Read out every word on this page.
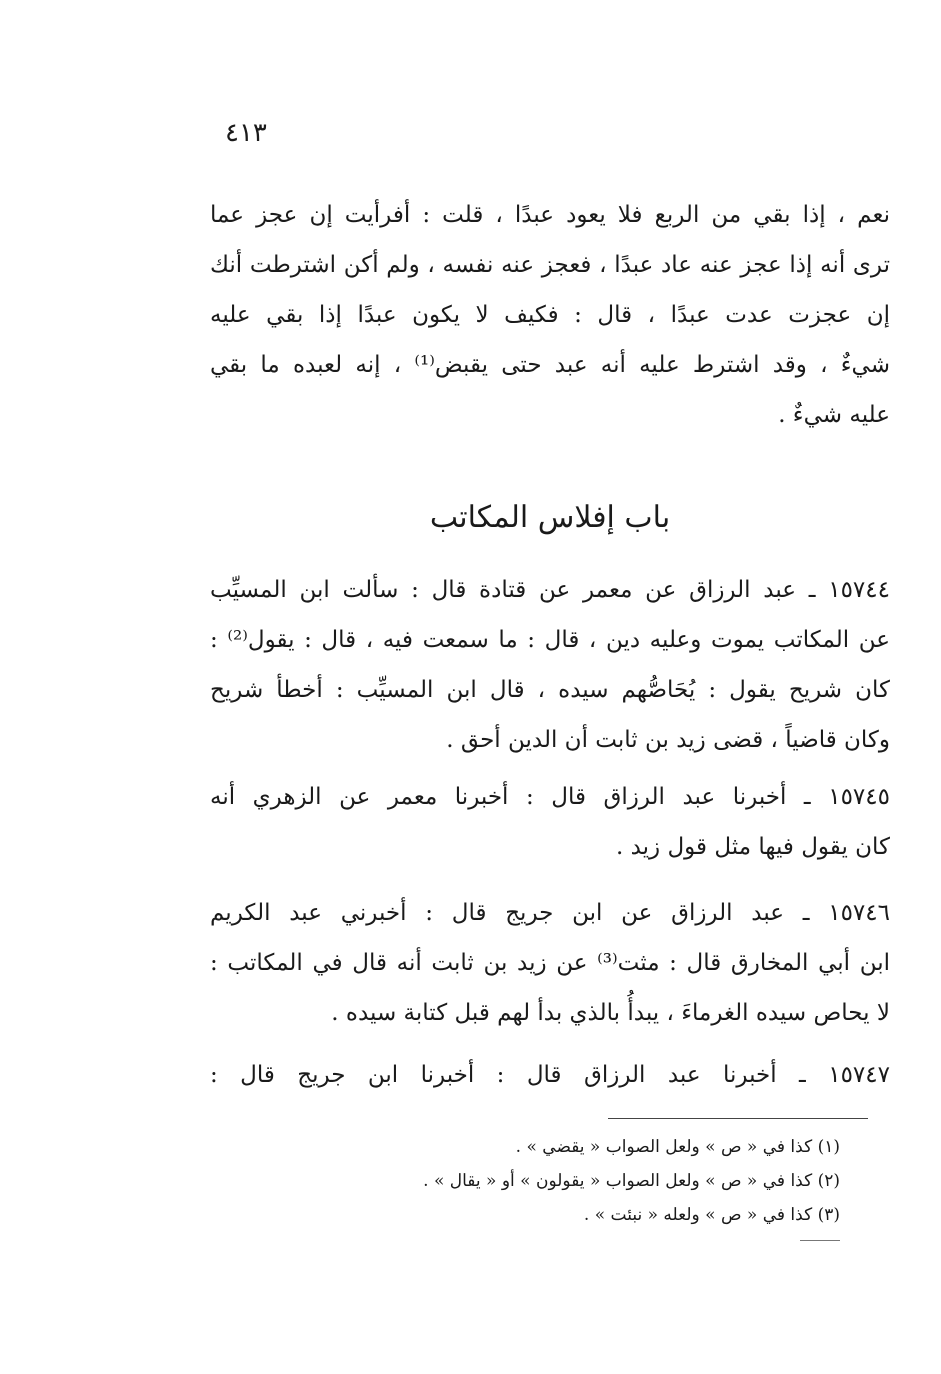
٤١٣
نعم ، إذا بقي من الربع فلا يعود عبدًا ، قلت : أفرأيت إن عجز عما
ترى أنه إذا عجز عنه عاد عبدًا ، فعجز عنه نفسه ، ولم أكن اشترطت أنك
إن عجزت عدت عبدًا ، قال : فكيف لا يكون عبدًا إذا بقي عليه
شيءٌ ، وقد اشترط عليه أنه عبد حتى يقبض⁽¹⁾ ، إنه لعبده ما بقي
عليه شيءٌ .
باب إفلاس المكاتب
١٥٧٤٤ ـ عبد الرزاق عن معمر عن قتادة قال : سألت ابن المسيِّب
عن المكاتب يموت وعليه دين ، قال : ما سمعت فيه ، قال : يقول⁽²⁾ :
كان شريح يقول : يُحَاصُّهم سيده ، قال ابن المسيِّب : أخطأ شريح
وكان قاضياً ، قضى زيد بن ثابت أن الدين أحق .
١٥٧٤٥ ـ أخبرنا عبد الرزاق قال : أخبرنا معمر عن الزهري أنه
كان يقول فيها مثل قول زيد .
١٥٧٤٦ ـ عبد الرزاق عن ابن جريج قال : أخبرني عبد الكريم
ابن أبي المخارق قال : مثت⁽³⁾ عن زيد بن ثابت أنه قال في المكاتب :
لا يحاص سيده الغرماءَ ، يبدأُ بالذي بدأ لهم قبل كتابة سيده .
١٥٧٤٧ ـ أخبرنا عبد الرزاق قال : أخبرنا ابن جريج قال :
(١) كذا في « ص » ولعل الصواب « يقضي » .
(٢) كذا في « ص » ولعل الصواب « يقولون » أو « يقال » .
(٣) كذا في « ص » ولعله « نبئت » .
